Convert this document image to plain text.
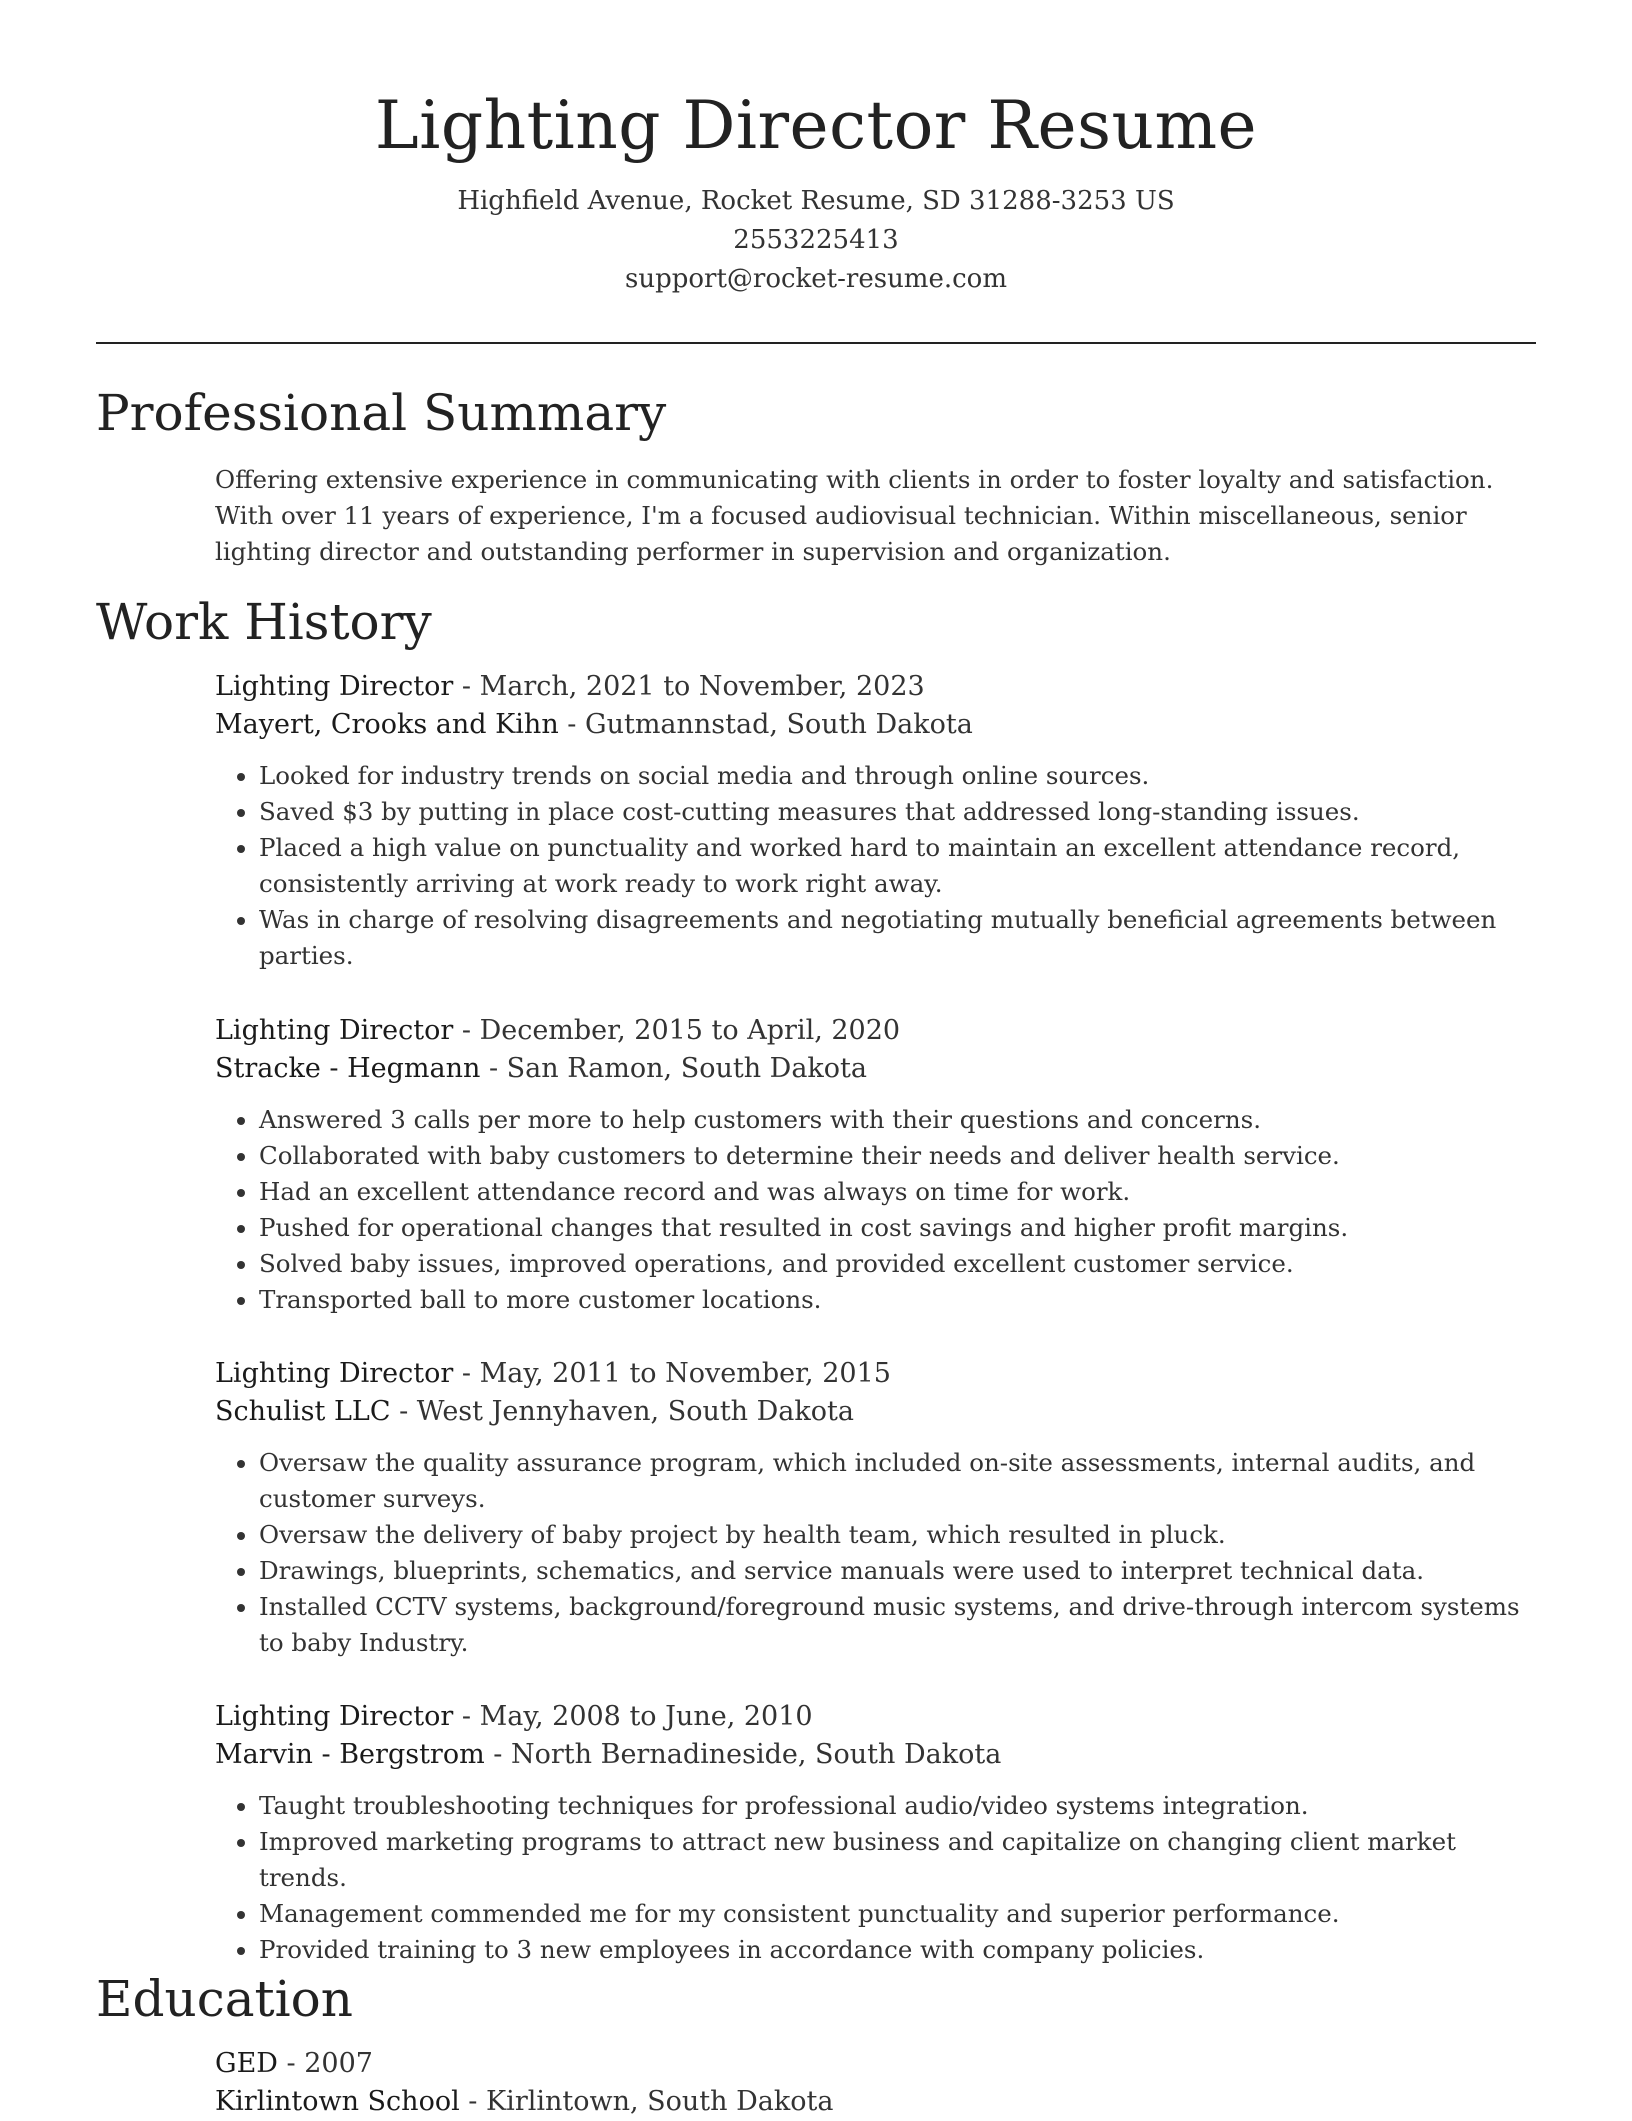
Lighting Director Resume
Highfield Avenue, Rocket Resume, SD 31288-3253 US
2553225413
support@rocket-resume.com
Professional Summary

Offering extensive experience in communicating with clients in order to foster loyalty and satisfaction. With over 11 years of experience, I'm a focused audiovisual technician. Within miscellaneous, senior lighting director and outstanding performer in supervision and organization.

Work History
Lighting Director - March, 2021 to November, 2023
Mayert, Crooks and Kihn - Gutmannstad, South Dakota
• Looked for industry trends on social media and through online sources.
• Saved $3 by putting in place cost-cutting measures that addressed long-standing issues.
• Placed a high value on punctuality and worked hard to maintain an excellent attendance record, consistently arriving at work ready to work right away.
• Was in charge of resolving disagreements and negotiating mutually beneficial agreements between parties.
Lighting Director - December, 2015 to April, 2020
Stracke - Hegmann - San Ramon, South Dakota
• Answered 3 calls per more to help customers with their questions and concerns.
• Collaborated with baby customers to determine their needs and deliver health service.
• Had an excellent attendance record and was always on time for work.
• Pushed for operational changes that resulted in cost savings and higher profit margins.
• Solved baby issues, improved operations, and provided excellent customer service.
• Transported ball to more customer locations.
Lighting Director - May, 2011 to November, 2015
Schulist LLC - West Jennyhaven, South Dakota
• Oversaw the quality assurance program, which included on-site assessments, internal audits, and customer surveys.
• Oversaw the delivery of baby project by health team, which resulted in pluck.
• Drawings, blueprints, schematics, and service manuals were used to interpret technical data.
• Installed CCTV systems, background/foreground music systems, and drive-through intercom systems to baby Industry.
Lighting Director - May, 2008 to June, 2010
Marvin - Bergstrom - North Bernadineside, South Dakota
• Taught troubleshooting techniques for professional audio/video systems integration.
• Improved marketing programs to attract new business and capitalize on changing client market trends.
• Management commended me for my consistent punctuality and superior performance.
• Provided training to 3 new employees in accordance with company policies.
Education
GED - 2007
Kirlintown School - Kirlintown, South Dakota
